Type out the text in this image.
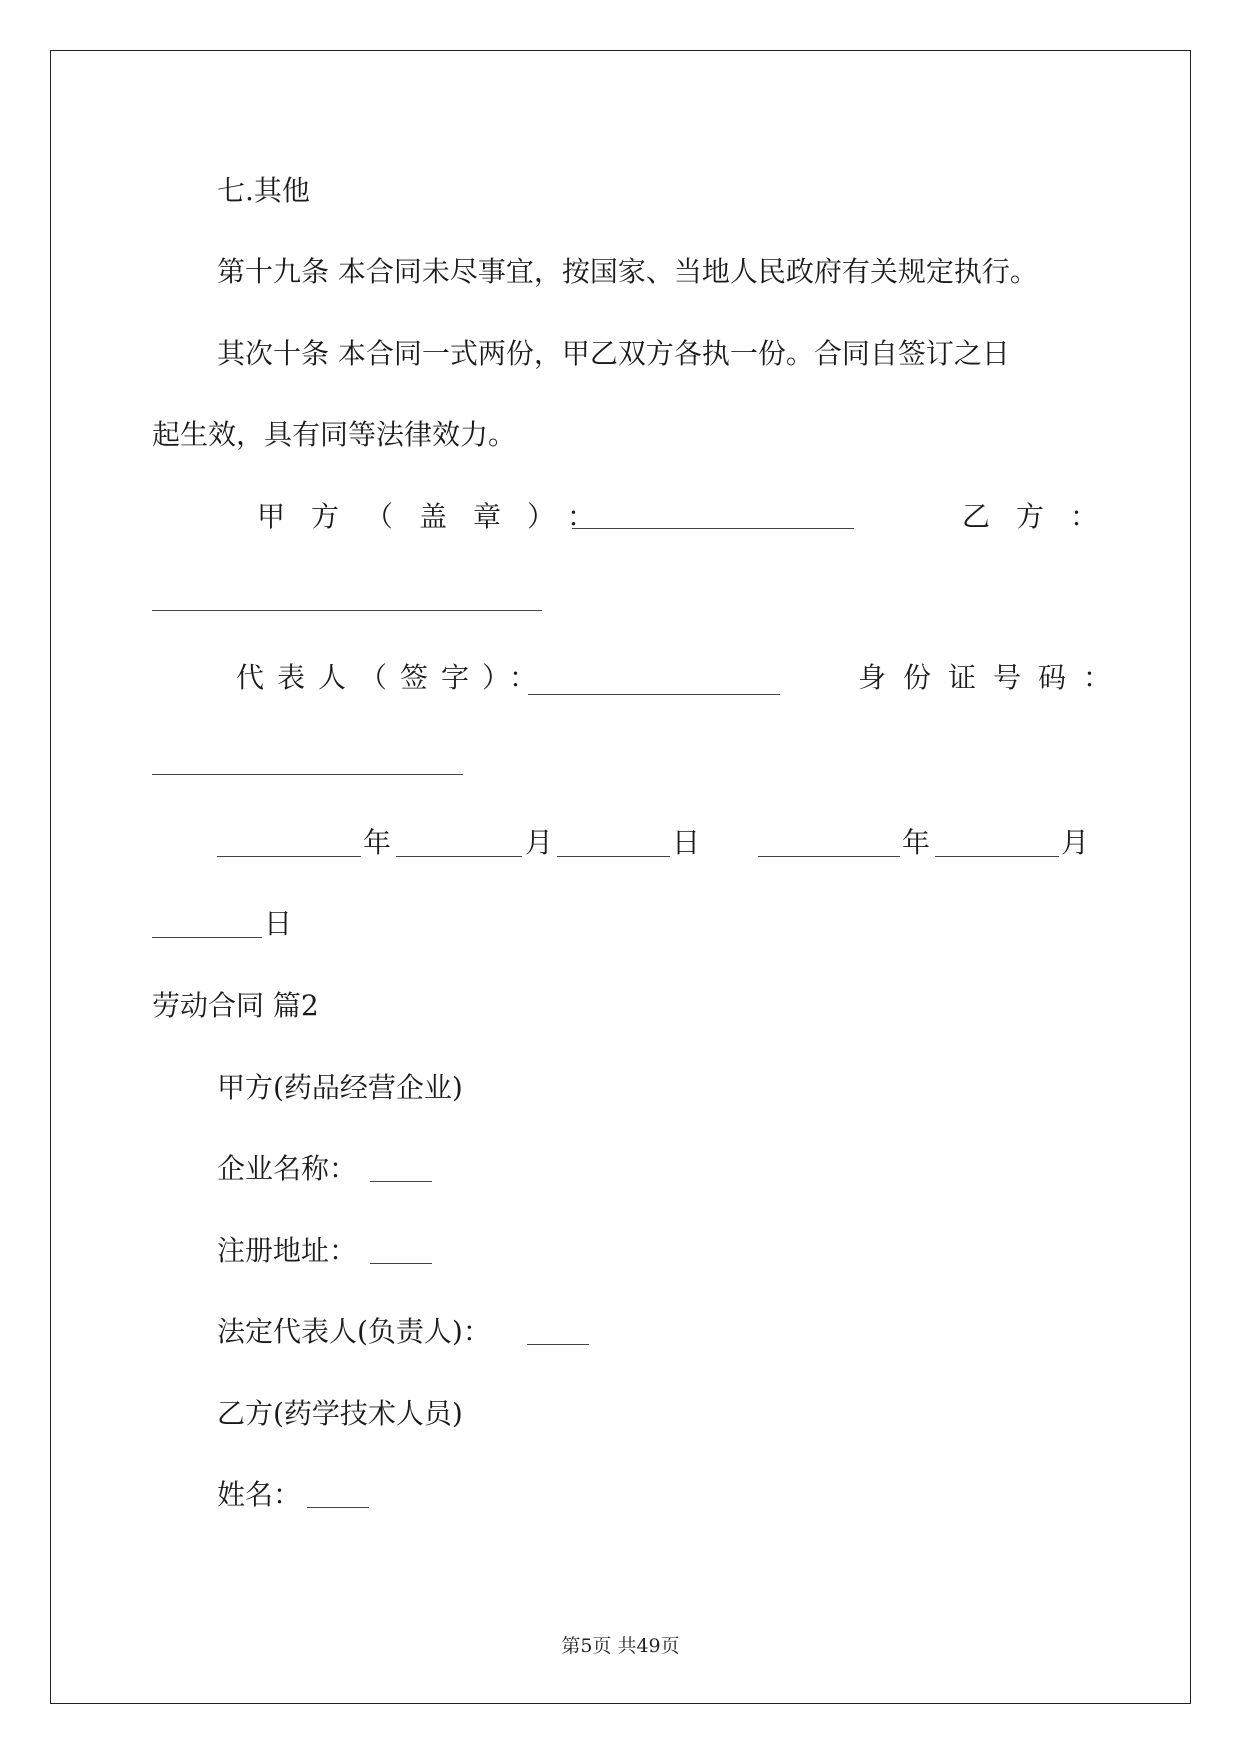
七.其他
第十九条 本合同未尽事宜，按国家、当地人民政府有关规定执行。
其次十条 本合同一式两份，甲乙双方各执一份。合同自签订之日
起生效，具有同等法律效力。
甲方（盖章）：	乙方：
代表人（签字）：	身份证号码：
年	月	日	年	月
日
劳动合同 篇2
甲方(药品经营企业)
企业名称：
注册地址：
法定代表人(负责人)：
乙方(药学技术人员)
姓名：
第5页 共49页
